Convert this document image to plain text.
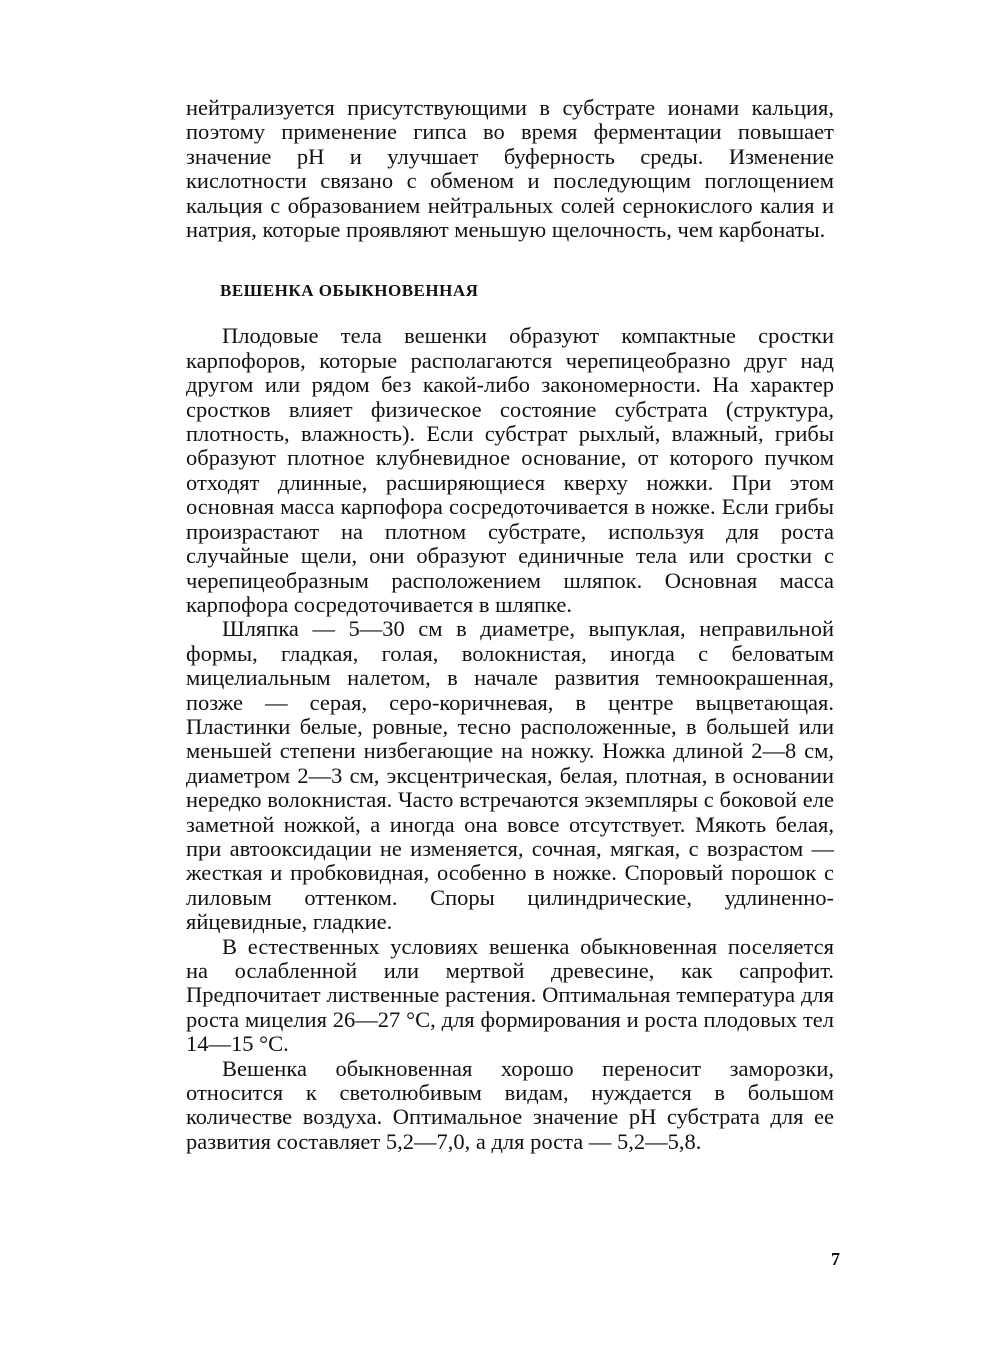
нейтрализуется присутствующими в субстрате ионами кальция, поэтому применение гипса во время ферментации повышает значение pH и улучшает буферность среды. Изменение кислотности связано с обменом и последующим поглощением кальция с образованием нейтральных солей сернокислого калия и натрия, которые проявляют меньшую щелочность, чем карбонаты.

ВЕШЕНКА ОБЫКНОВЕННАЯ

Плодовые тела вешенки образуют компактные сростки карпофоров, которые располагаются черепицеобразно друг над другом или рядом без какой-либо закономерности. На характер сростков влияет физическое состояние субстрата (структура, плотность, влажность). Если субстрат рыхлый, влажный, грибы образуют плотное клубневидное основание, от которого пучком отходят длинные, расширяющиеся кверху ножки. При этом основная масса карпофора сосредоточивается в ножке. Если грибы произрастают на плотном субстрате, используя для роста случайные щели, они образуют единичные тела или сростки с черепицеобразным расположением шляпок. Основная масса карпофора сосредоточивается в шляпке.

Шляпка — 5—30 см в диаметре, выпуклая, неправильной формы, гладкая, голая, волокнистая, иногда с беловатым мицелиальным налетом, в начале развития темноокрашенная, позже — серая, серо-коричневая, в центре выцветающая. Пластинки белые, ровные, тесно расположенные, в большей или меньшей степени низбегающие на ножку. Ножка длиной 2—8 см, диаметром 2—3 см, эксцентрическая, белая, плотная, в основании нередко волокнистая. Часто встречаются экземпляры с боковой еле заметной ножкой, а иногда она вовсе отсутствует. Мякоть белая, при автооксидации не изменяется, сочная, мягкая, с возрастом — жесткая и пробковидная, особенно в ножке. Споровый порошок с лиловым оттенком. Споры цилиндрические, удлиненно-яйцевидные, гладкие.

В естественных условиях вешенка обыкновенная поселяется на ослабленной или мертвой древесине, как сапрофит. Предпочитает лиственные растения. Оптимальная температура для роста мицелия 26—27 °С, для формирования и роста плодовых тел 14—15 °С.

Вешенка обыкновенная хорошо переносит заморозки, относится к светолюбивым видам, нуждается в большом количестве воздуха. Оптимальное значение pH субстрата для ее развития составляет 5,2—7,0, а для роста — 5,2—5,8.

7
